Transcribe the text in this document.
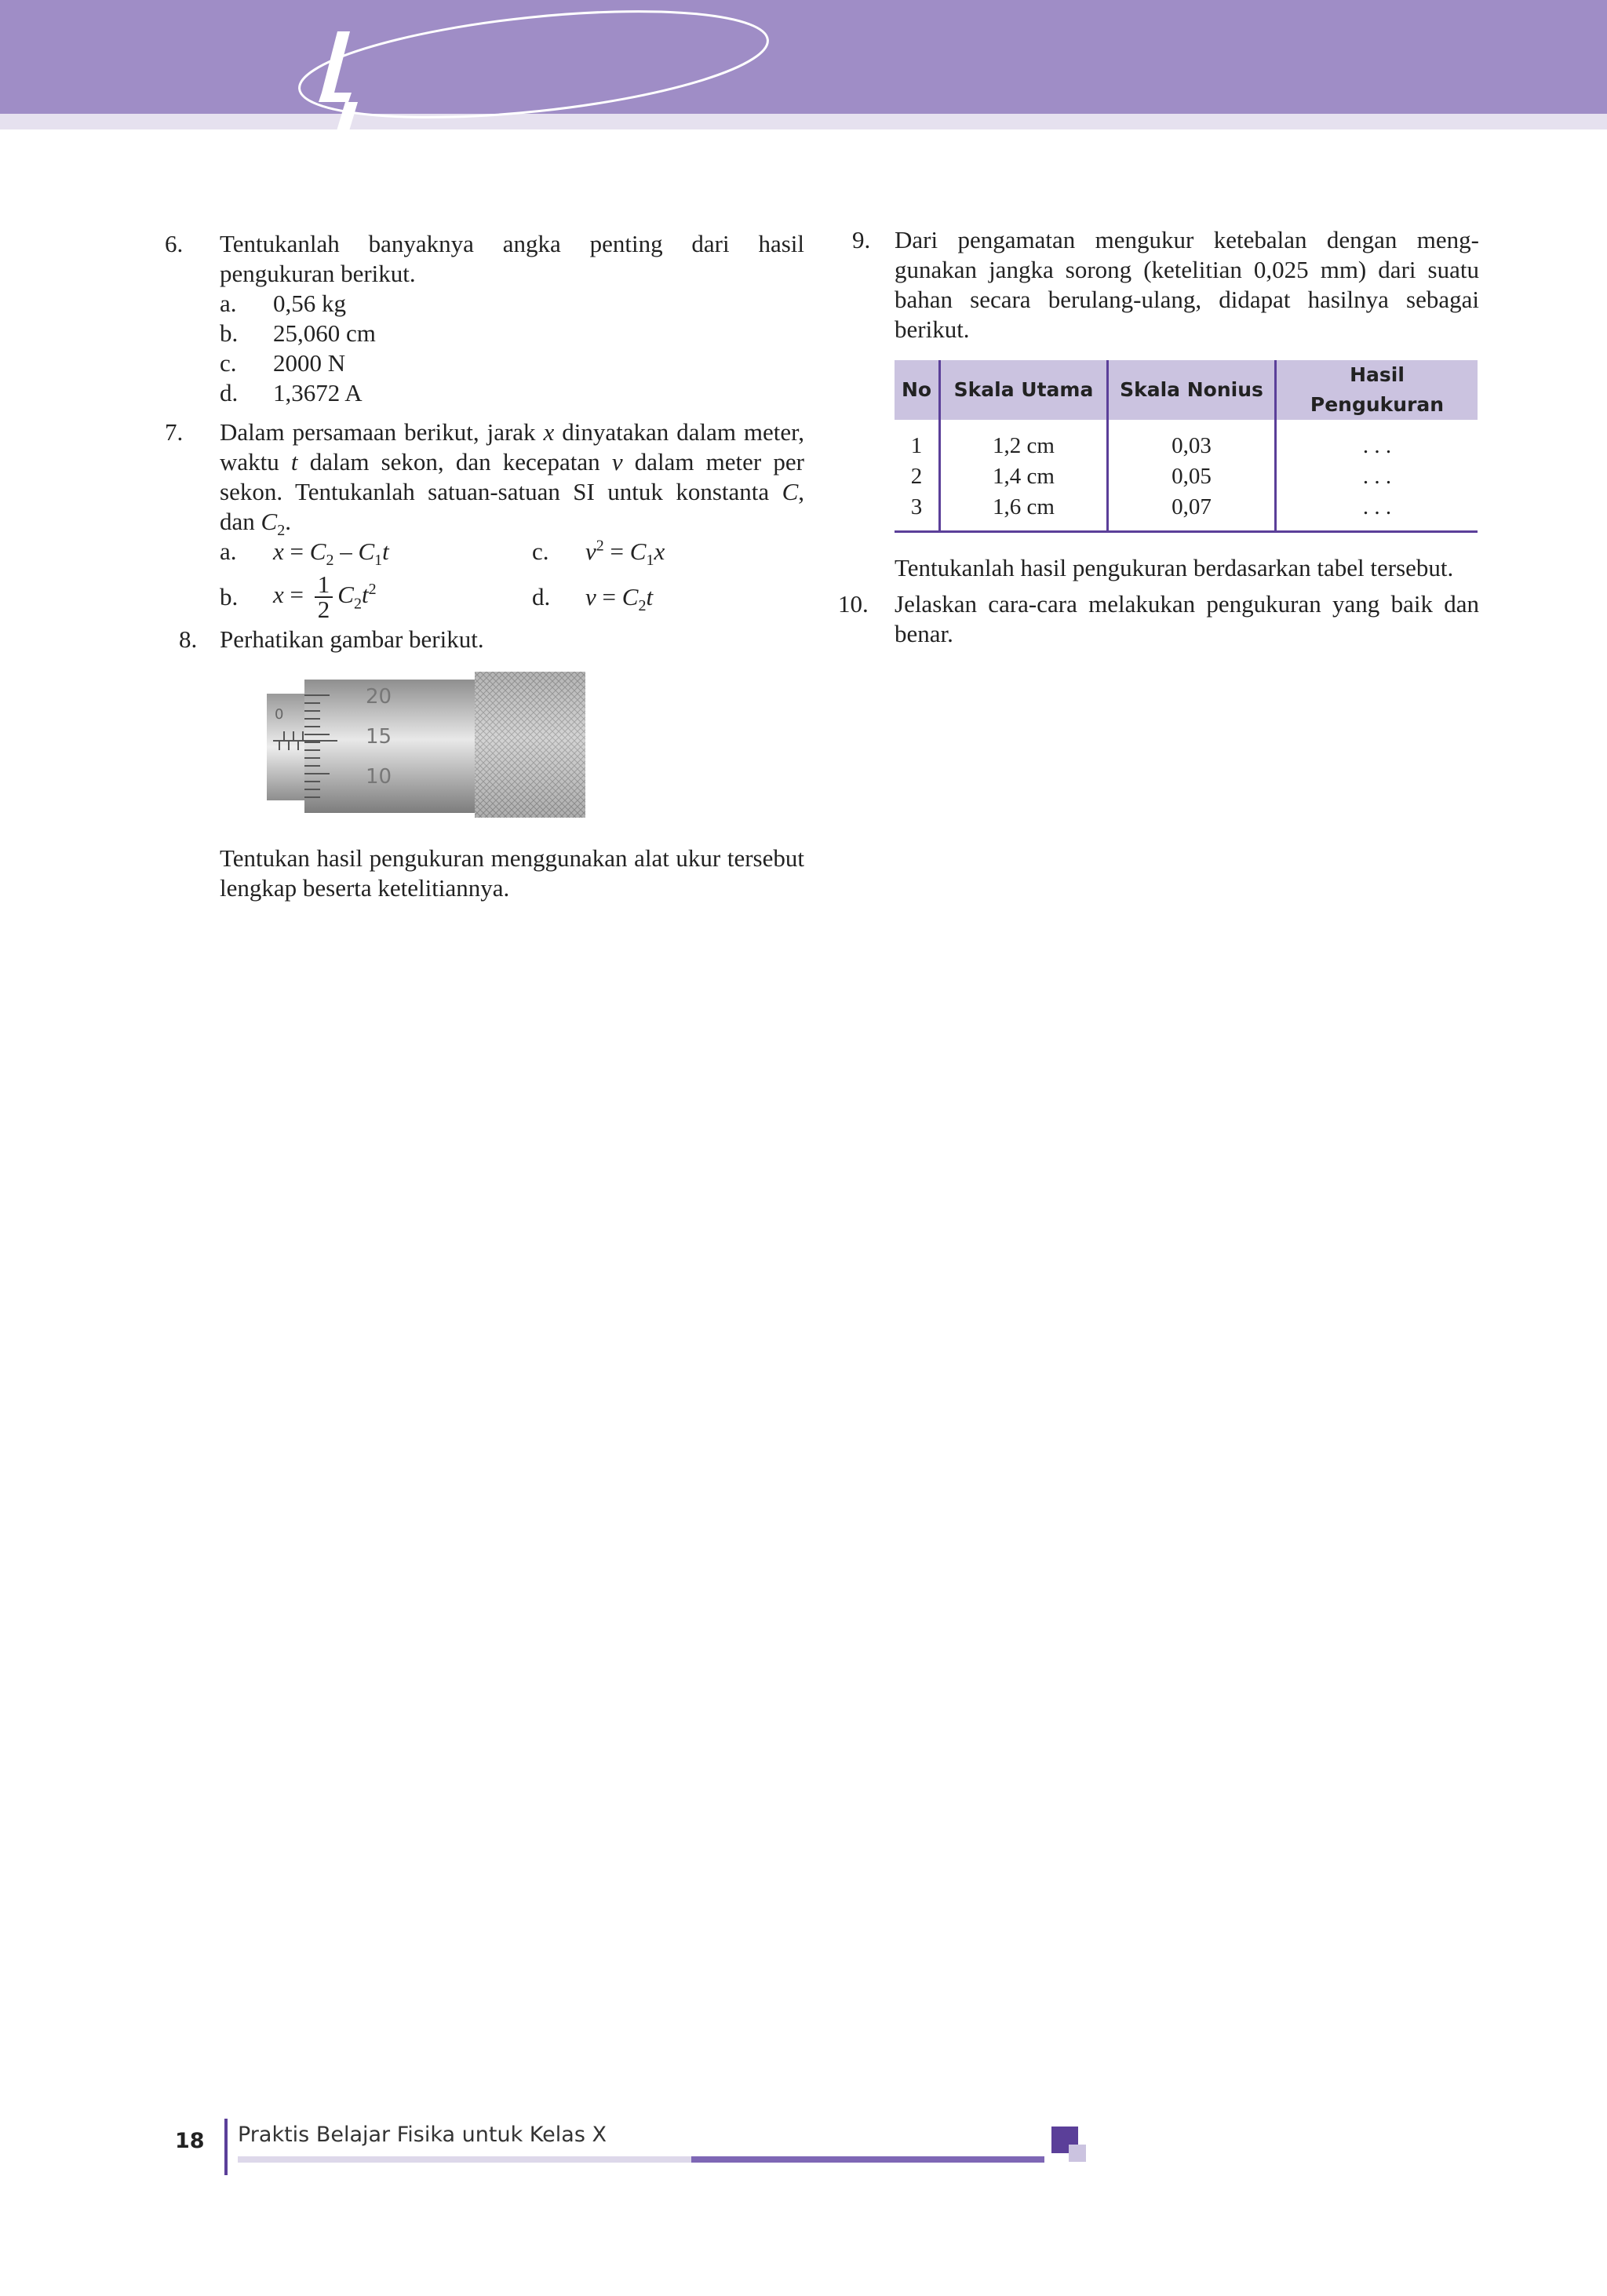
6.	Tentukanlah banyaknya angka penting dari hasil pengukuran berikut.
a.	0,56 kg
b.	25,060 cm
c.	2000 N
d.	1,3672 A
7.	Dalam persamaan berikut, jarak x dinyatakan dalam meter, waktu t dalam sekon, dan kecepatan v dalam meter per sekon. Tentukanlah satuan-satuan SI untuk konstanta C, dan $C_2$.
a.	$x = C_2 - C_1t$	c.	$v^2 = C_1x$
b.	$x = \frac{1}{2} C_2t^2$	d.	$v = C_2t$
8. Perhatikan gambar berikut.
0
20
15
10
Tentukan hasil pengukuran menggunakan alat ukur tersebut lengkap beserta ketelitiannya.
9. Dari pengamatan mengukur ketebalan dengan meng-gunakan jangka sorong (ketelitian 0,025 mm) dari suatu bahan secara berulang-ulang, didapat hasilnya sebagai berikut.
No	Skala Utama	Skala Nonius	Hasil Pengukuran
1	1,2 cm	0,03	. . .
2	1,4 cm	0,05	. . .
3	1,6 cm	0,07	. . .
Tentukanlah hasil pengukuran berdasarkan tabel tersebut.
10.	Jelaskan cara-cara melakukan pengukuran yang baik dan benar.
18 Praktis Belajar Fisika untuk Kelas X
